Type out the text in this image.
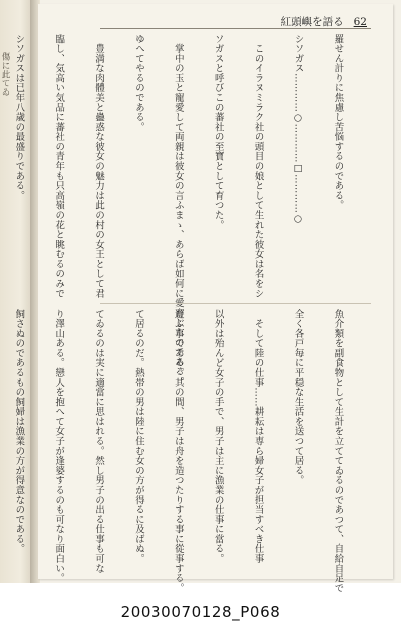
傷に此てゐ

紅頭嶼を語る 62

羅せん計りに焦慮し苦悩するのである。

シソガス…………○…………□…………○

　このイラヌミラク社の頭目の娘として生れた彼女は名をシ

ソガスと呼びこの蕃社の至寶として育つた。

　掌中の玉と寵愛して両親は彼女の言ふまゝ、あらば如何に愛育したのである。

ゆへてやるのである。

　豊満な肉體美と蠱惑な彼女の魅力は此の村の女王として君

臨し、気高い気品に蕃社の青年も只高嶺の花と眺むるのみで

シソガスは已年八歳の最盛りである。

魚介類を副食物として生計を立ててゐるのであつて、自給自足で

全く各戸毎に平穏な生活を送つて居る。

　そして陸の仕事……耕耘は専ら婦女子が担当すべき仕事

以外は殆んど女子の手で、男子は主に漁業の仕事に當る。

遊ぶ事である。其の間、男子は舟を造つたりする事に從事する。

て居るのだ。熱帯の男は陸に住む女の方が得るに及ばぬ。

てゐるのは実に適當に思はれる。然し男子の出る仕事も可な

り澤山ある。戀人を抱へて女子が逢婆するのも可なり面白い。

飼さぬのであるもの飼婦は漁業の方が得意なのである。

20030070128_P068
